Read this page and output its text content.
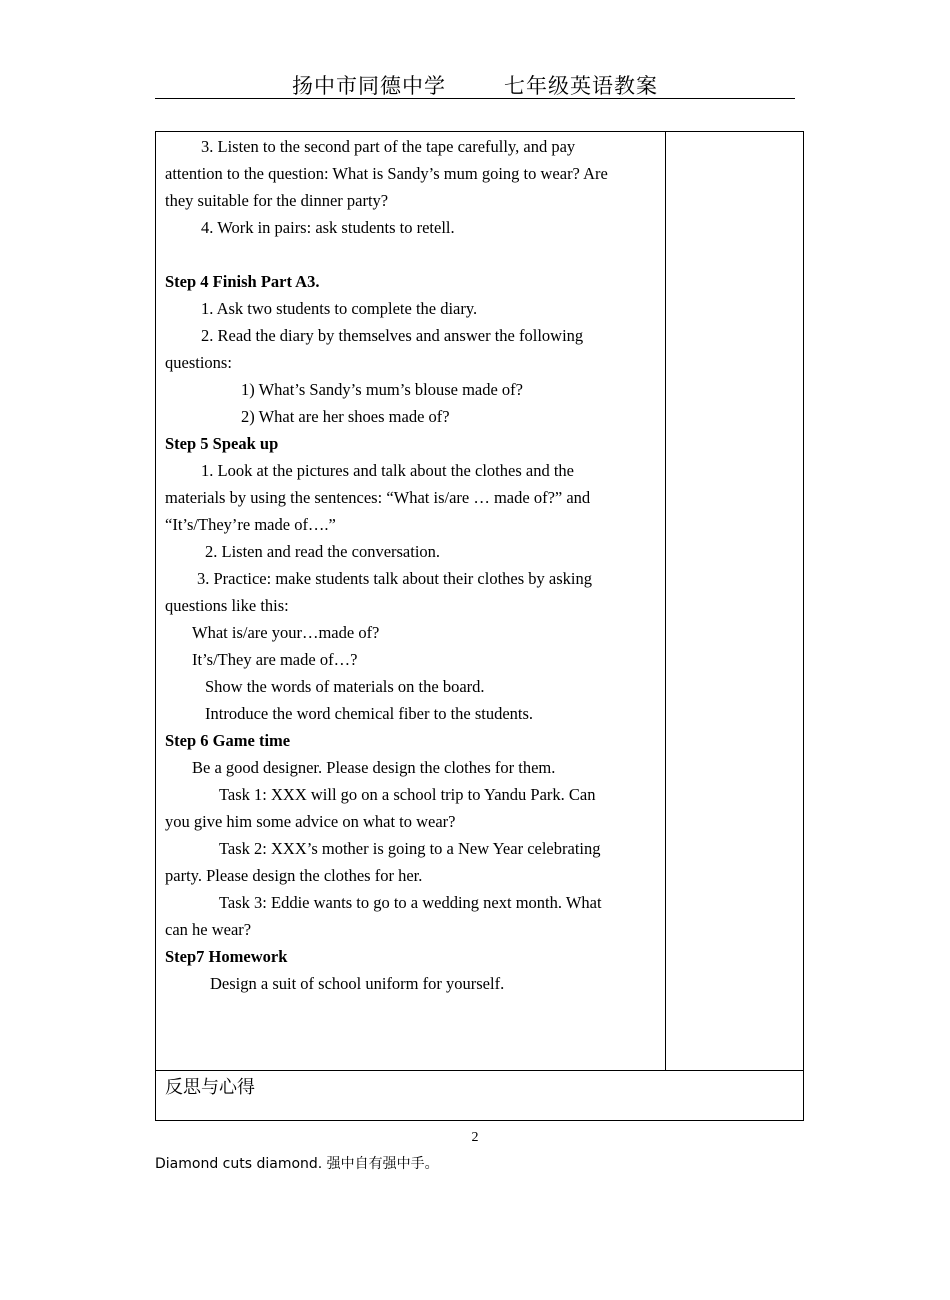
扬中市同德中学	七年级英语教案

3. Listen to the second part of the tape carefully, and pay

attention to the question: What is Sandy’s mum going to wear? Are

they suitable for the dinner party?

4. Work in pairs: ask students to retell.

Step 4 Finish Part A3.

1. Ask two students to complete the diary.

2. Read the diary by themselves and answer the following

questions:

1) What’s Sandy’s mum’s blouse made of?

2) What are her shoes made of?

Step 5 Speak up

1. Look at the pictures and talk about the clothes and the

materials by using the sentences: “What is/are … made of?” and

“It’s/They’re made of….”

2. Listen and read the conversation.

3. Practice: make students talk about their clothes by asking

questions like this:

What is/are your…made of?

It’s/They are made of…?

Show the words of materials on the board.

Introduce the word chemical fiber to the students.

Step 6 Game time

Be a good designer. Please design the clothes for them.

Task 1: XXX will go on a school trip to Yandu Park. Can

you give him some advice on what to wear?

Task 2: XXX’s mother is going to a New Year celebrating

party. Please design the clothes for her.

Task 3: Eddie wants to go to a wedding next month. What

can he wear?

Step7 Homework

Design a suit of school uniform for yourself.

反思与心得
2
Diamond cuts diamond. 强中自有强中手。
